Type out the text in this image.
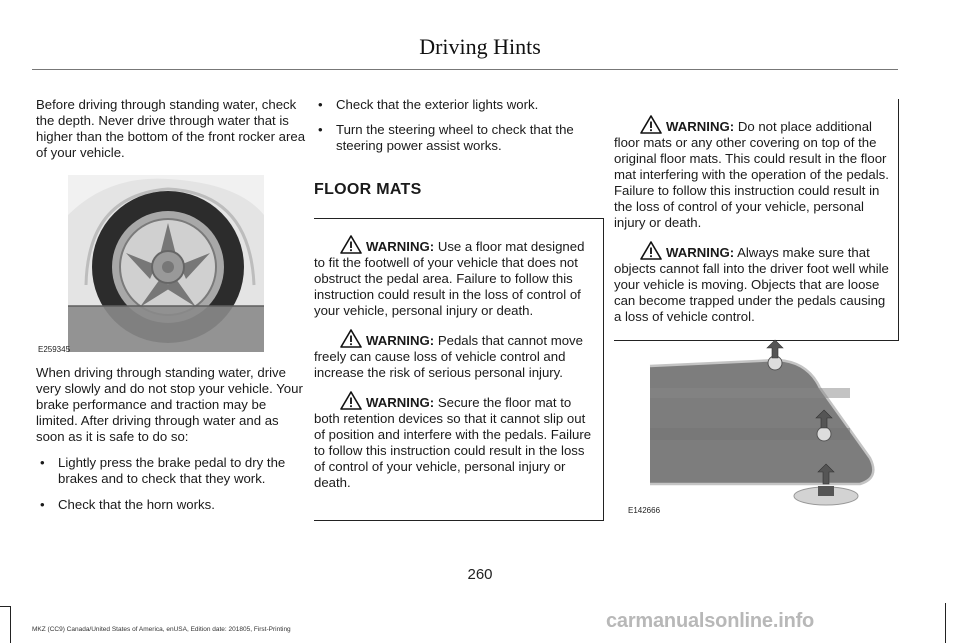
Driving Hints

Before driving through standing water, check the depth. Never drive through water that is higher than the bottom of the front rocker area of your vehicle.

E259345

When driving through standing water, drive very slowly and do not stop your vehicle. Your brake performance and traction may be limited. After driving through water and as soon as it is safe to do so:

• Lightly press the brake pedal to dry the brakes and to check that they work.
• Check that the horn works.
• Check that the exterior lights work.
• Turn the steering wheel to check that the steering power assist works.
FLOOR MATS

WARNING: Use a floor mat designed to fit the footwell of your vehicle that does not obstruct the pedal area. Failure to follow this instruction could result in the loss of control of your vehicle, personal injury or death.

WARNING: Pedals that cannot move freely can cause loss of vehicle control and increase the risk of serious personal injury.

WARNING: Secure the floor mat to both retention devices so that it cannot slip out of position and interfere with the pedals. Failure to follow this instruction could result in the loss of control of your vehicle, personal injury or death.

WARNING: Do not place additional floor mats or any other covering on top of the original floor mats. This could result in the floor mat interfering with the operation of the pedals. Failure to follow this instruction could result in the loss of control of your vehicle, personal injury or death.

WARNING: Always make sure that objects cannot fall into the driver foot well while your vehicle is moving. Objects that are loose can become trapped under the pedals causing a loss of vehicle control.

E142666
260
MKZ (CC9) Canada/United States of America, enUSA, Edition date: 201805, First-Printing	carmanualsonline.info
